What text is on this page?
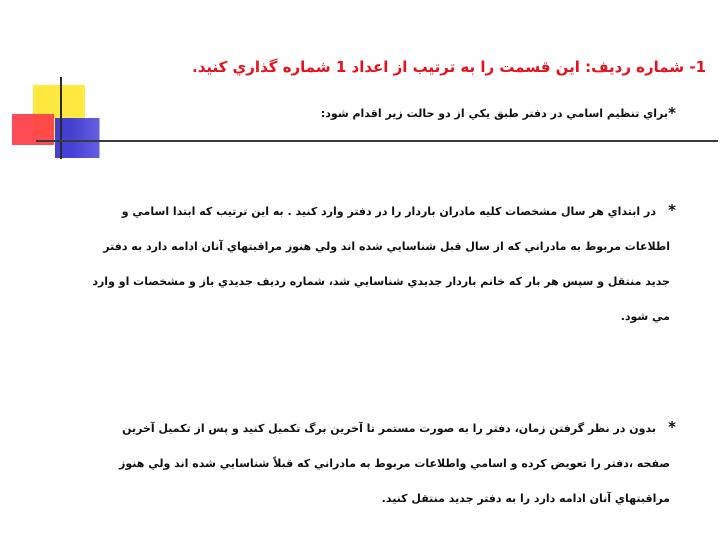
1- شماره رديف: اين قسمت را به ترتيب از اعداد 1 شماره گذاري كنيد.
*
براي تنظيم اسامي در دفتر طبق يكي از دو حالت زير اقدام شود:
*
در ابتداي هر سال مشخصات كليه مادران باردار را در دفتر وارد كنيد . به اين ترتيب كه ابتدا اسامي و
اطلاعات مربوط به مادراني كه از سال قبل شناسايي شده اند ولي هنوز مراقبتهاي آنان ادامه دارد به دفتر
جديد منتقل و سپس هر بار كه خانم باردار جديدي شناسايي شد، شماره رديف جديدي باز و مشخصات او وارد
مي شود.
*
بدون در نظر گرفتن زمان، دفتر را به صورت مستمر تا آخرين برگ تكميل كنيد و پس از تكميل آخرين
صفحه ،دفتر را تعويض كرده و اسامي واطلاعات مربوط به مادراني كه قبلاً شناسايي شده اند ولي هنوز
مراقبتهاي آنان ادامه دارد را به دفتر جديد منتقل كنيد.
